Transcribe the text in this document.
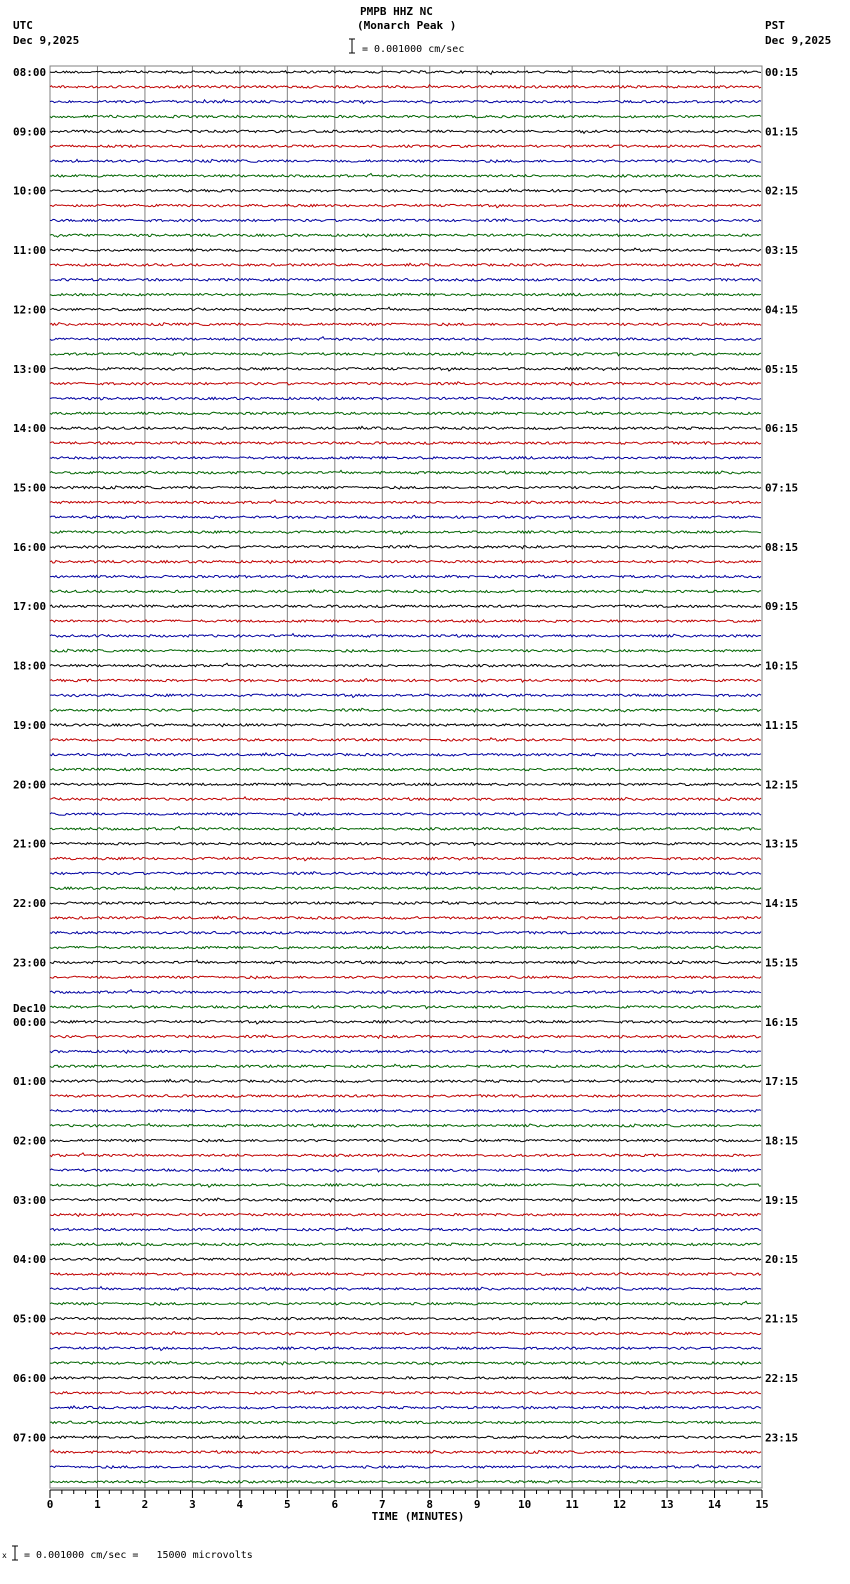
PMPB HHZ NC
(Monarch Peak )
UTC
Dec 9,2025
PST
Dec 9,2025
= 0.001000 cm/sec
x = 0.001000 cm/sec =   15000 microvolts
0	1	2	3	4	5	6	7	8	9	10	11	12	13	14	15
TIME (MINUTES)
08:00
09:00
10:00
11:00
12:00
13:00
14:00
15:00
16:00
17:00
18:00
19:00
20:00
21:00
22:00
23:00
00:00
Dec10
01:00
02:00
03:00
04:00
05:00
06:00
07:00
00:15
01:15
02:15
03:15
04:15
05:15
06:15
07:15
08:15
09:15
10:15
11:15
12:15
13:15
14:15
15:15
16:15
17:15
18:15
19:15
20:15
21:15
22:15
23:15
